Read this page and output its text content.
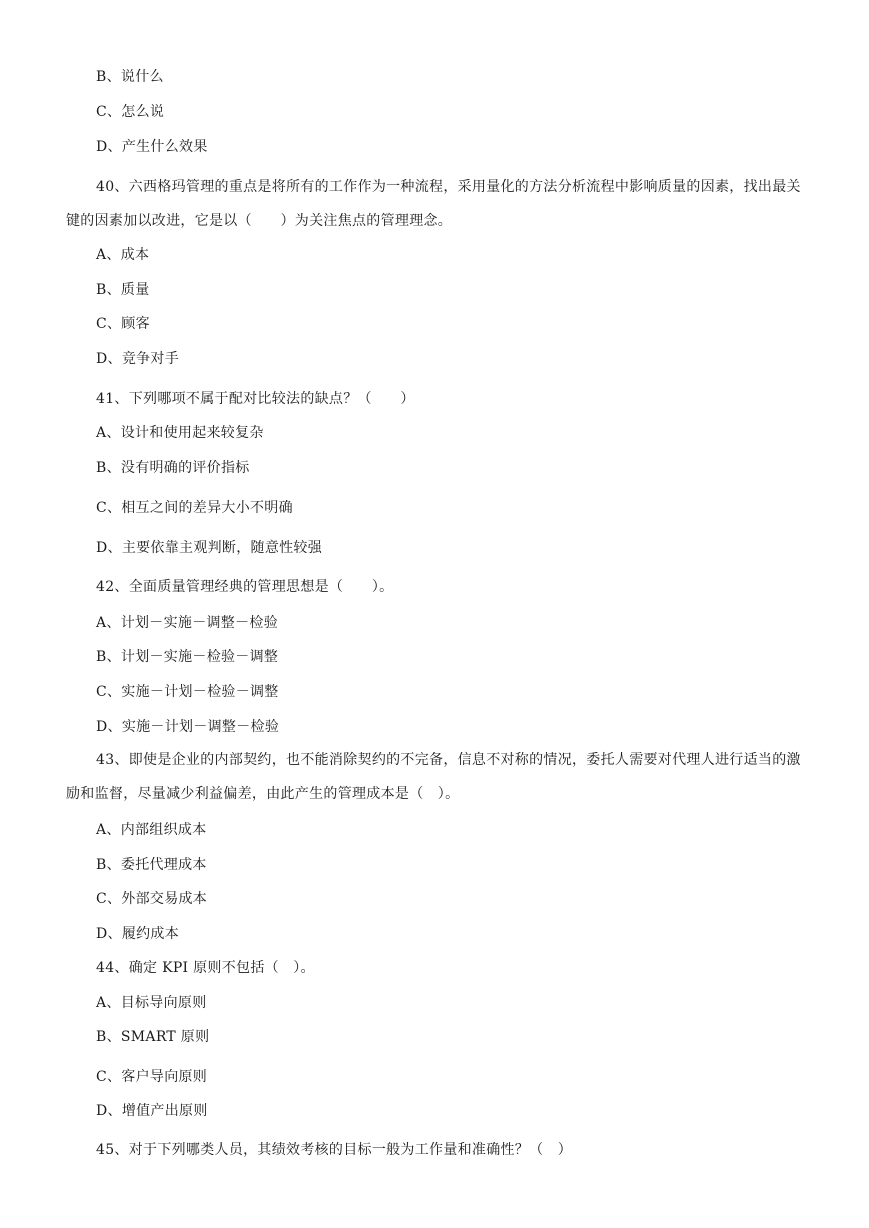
B、说什么
C、怎么说
D、产生什么效果
40、六西格玛管理的重点是将所有的工作作为一种流程，采用量化的方法分析流程中影响质量的因素，找出最关键的因素加以改进，它是以（　　）为关注焦点的管理理念。
A、成本
B、质量
C、顾客
D、竞争对手
41、下列哪项不属于配对比较法的缺点？（　　）
A、设计和使用起来较复杂
B、没有明确的评价指标
C、相互之间的差异大小不明确
D、主要依靠主观判断，随意性较强
42、全面质量管理经典的管理思想是（　　）。
A、计划－实施－调整－检验
B、计划－实施－检验－调整
C、实施－计划－检验－调整
D、实施－计划－调整－检验
43、即使是企业的内部契约，也不能消除契约的不完备，信息不对称的情况，委托人需要对代理人进行适当的激励和监督，尽量减少利益偏差，由此产生的管理成本是（　）。
A、内部组织成本
B、委托代理成本
C、外部交易成本
D、履约成本
44、确定 KPI 原则不包括（　）。
A、目标导向原则
B、SMART 原则
C、客户导向原则
D、增值产出原则
45、对于下列哪类人员，其绩效考核的目标一般为工作量和准确性？（　）
